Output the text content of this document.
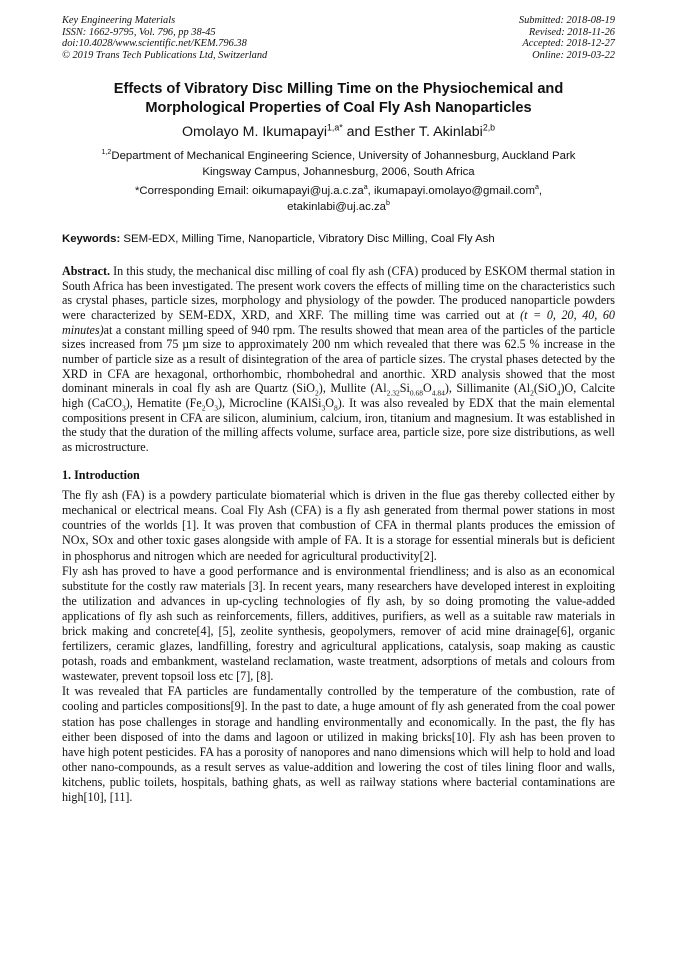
Key Engineering Materials
ISSN: 1662-9795, Vol. 796, pp 38-45
doi:10.4028/www.scientific.net/KEM.796.38
© 2019 Trans Tech Publications Ltd, Switzerland
Submitted: 2018-08-19
Revised: 2018-11-26
Accepted: 2018-12-27
Online: 2019-03-22
Effects of Vibratory Disc Milling Time on the Physiochemical and
Morphological Properties of Coal Fly Ash Nanoparticles
Omolayo M. Ikumapayi$^{1,a*}$ and Esther T. Akinlabi$^{2,b}$
$^{1,2}$Department of Mechanical Engineering Science, University of Johannesburg, Auckland Park
Kingsway Campus, Johannesburg, 2006, South Africa
*Corresponding Email: $oikumapayi@uj.a.c.za^a$, ikumapayi.omolayo@gmail.com$^a$,
$etakinlabi@uj.ac.za^b$
Keywords: SEM-EDX, Milling Time, Nanoparticle, Vibratory Disc Milling, Coal Fly Ash
Abstract. In this study, the mechanical disc milling of coal fly ash (CFA) produced by ESKOM thermal station in South Africa has been investigated. The present work covers the effects of milling time on the characteristics such as crystal phases, particle sizes, morphology and physiology of the powder. The produced nanoparticle powders were characterized by SEM-EDX, XRD, and XRF. The milling time was carried out at (t = 0, 20, 40, 60 minutes)at a constant milling speed of 940 rpm. The results showed that mean area of the particles of the particle sizes increased from 75 µm size to approximately 200 nm which revealed that there was 62.5 % increase in the number of particle size as a result of disintegration of the area of particle sizes. The crystal phases detected by the XRD in CFA are hexagonal, orthorhombic, rhombohedral and anorthic. XRD analysis showed that the most dominant minerals in coal fly ash are Quartz (SiO$_2$), Mullite $(Al_{2.32}Si_{0.68}O_{4.84})$, Sillimanite ($Al_2(SiO_4)O$, Calcite high (CaCO$_3$), Hematite $(Fe_2O_3)$, Microcline $(KAlSi_3O_8)$. It was also revealed by EDX that the main elemental compositions present in CFA are silicon, aluminium, calcium, iron, titanium and magnesium. It was established in the study that the duration of the milling affects volume, surface area, particle size, pore size distributions, as well as microstructure.
1. Introduction

The fly ash (FA) is a powdery particulate biomaterial which is driven in the flue gas thereby collected either by mechanical or electrical means. Coal Fly Ash (CFA) is a fly ash generated from thermal power stations in most countries of the worlds [1]. It was proven that combustion of CFA in thermal plants produces the emission of NOx, SOx and other toxic gases alongside with ample of FA. It is a storage for essential minerals but is deficient in phosphorus and nitrogen which are needed for agricultural productivity[2].

Fly ash has proved to have a good performance and is environmental friendliness; and is also as an economical substitute for the costly raw materials [3]. In recent years, many researchers have developed interest in exploiting the utilization and advances in up-cycling technologies of fly ash, by so doing promoting the value-added applications of fly ash such as reinforcements, fillers, additives, purifiers, as well as a suitable raw materials in brick making and concrete[4], [5], zeolite synthesis, geopolymers, remover of acid mine drainage[6], organic fertilizers, ceramic glazes, landfilling, forestry and agricultural applications, catalysis, soap making as caustic potash, roads and embankment, wasteland reclamation, waste treatment, adsorptions of metals and colours from wastewater, prevent topsoil loss etc [7], [8].

It was revealed that FA particles are fundamentally controlled by the temperature of the combustion, rate of cooling and particles compositions[9]. In the past to date, a huge amount of fly ash generated from the coal power station has pose challenges in storage and handling environmentally and economically. In the past, the fly has either been disposed of into the dams and lagoon or utilized in making bricks[10]. Fly ash has been proven to have high potent pesticides. FA has a porosity of nanopores and nano dimensions which will help to hold and load other nano-compounds, as a result serves as value-addition and lowering the cost of tiles lining floor and walls, kitchens, public toilets, hospitals, bathing ghats, as well as railway stations where bacterial contaminations are high[10], [11].
